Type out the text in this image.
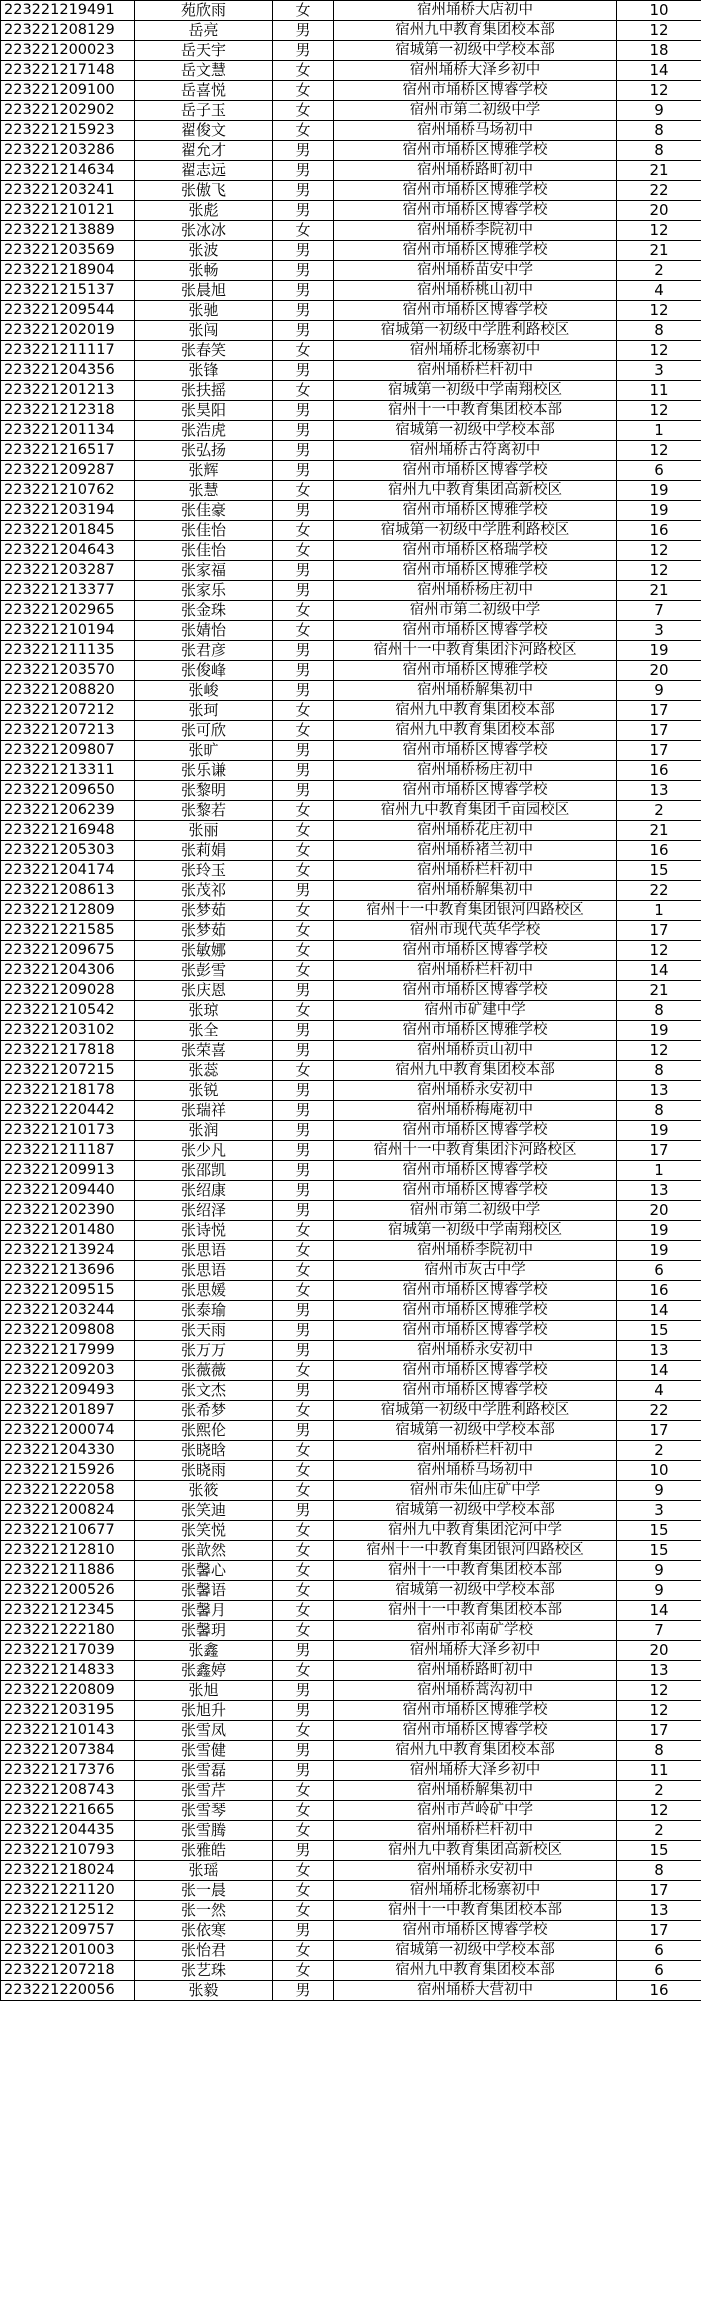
223221219491	苑欣雨	女	宿州埇桥大店初中	10
223221208129	岳亮	男	宿州九中教育集团校本部	12
223221200023	岳天宇	男	宿城第一初级中学校本部	18
223221217148	岳文慧	女	宿州埇桥大泽乡初中	14
223221209100	岳喜悦	女	宿州市埇桥区博睿学校	12
223221202902	岳子玉	女	宿州市第二初级中学	9
223221215923	翟俊文	女	宿州埇桥马场初中	8
223221203286	翟允才	男	宿州市埇桥区博雅学校	8
223221214634	翟志远	男	宿州埇桥路町初中	21
223221203241	张傲飞	男	宿州市埇桥区博雅学校	22
223221210121	张彪	男	宿州市埇桥区博睿学校	20
223221213889	张冰冰	女	宿州埇桥李院初中	12
223221203569	张波	男	宿州市埇桥区博雅学校	21
223221218904	张畅	男	宿州埇桥苗安中学	2
223221215137	张晨旭	男	宿州埇桥桃山初中	4
223221209544	张驰	男	宿州市埇桥区博睿学校	12
223221202019	张闯	男	宿城第一初级中学胜利路校区	8
223221211117	张春笑	女	宿州埇桥北杨寨初中	12
223221204356	张锋	男	宿州埇桥栏杆初中	3
223221201213	张扶摇	女	宿城第一初级中学南翔校区	11
223221212318	张昊阳	男	宿州十一中教育集团校本部	12
223221201134	张浩虎	男	宿城第一初级中学校本部	1
223221216517	张弘扬	男	宿州埇桥古符离初中	12
223221209287	张辉	男	宿州市埇桥区博睿学校	6
223221210762	张慧	女	宿州九中教育集团高新校区	19
223221203194	张佳豪	男	宿州市埇桥区博雅学校	19
223221201845	张佳怡	女	宿城第一初级中学胜利路校区	16
223221204643	张佳怡	女	宿州市埇桥区格瑞学校	12
223221203287	张家福	男	宿州市埇桥区博雅学校	12
223221213377	张家乐	男	宿州埇桥杨庄初中	21
223221202965	张金珠	女	宿州市第二初级中学	7
223221210194	张婧怡	女	宿州市埇桥区博睿学校	3
223221211135	张君彦	男	宿州十一中教育集团汴河路校区	19
223221203570	张俊峰	男	宿州市埇桥区博雅学校	20
223221208820	张峻	男	宿州埇桥解集初中	9
223221207212	张珂	女	宿州九中教育集团校本部	17
223221207213	张可欣	女	宿州九中教育集团校本部	17
223221209807	张旷	男	宿州市埇桥区博睿学校	17
223221213311	张乐谦	男	宿州埇桥杨庄初中	16
223221209650	张黎明	男	宿州市埇桥区博睿学校	13
223221206239	张黎若	女	宿州九中教育集团千亩园校区	2
223221216948	张丽	女	宿州埇桥花庄初中	21
223221205303	张莉娟	女	宿州埇桥褚兰初中	16
223221204174	张玲玉	女	宿州埇桥栏杆初中	15
223221208613	张茂祁	男	宿州埇桥解集初中	22
223221212809	张梦茹	女	宿州十一中教育集团银河四路校区	1
223221221585	张梦茹	女	宿州市现代英华学校	17
223221209675	张敏娜	女	宿州市埇桥区博睿学校	12
223221204306	张彭雪	女	宿州埇桥栏杆初中	14
223221209028	张庆恩	男	宿州市埇桥区博睿学校	21
223221210542	张琼	女	宿州市矿建中学	8
223221203102	张全	男	宿州市埇桥区博雅学校	19
223221217818	张荣喜	男	宿州埇桥贡山初中	12
223221207215	张蕊	女	宿州九中教育集团校本部	8
223221218178	张锐	男	宿州埇桥永安初中	13
223221220442	张瑞祥	男	宿州埇桥梅庵初中	8
223221210173	张润	男	宿州市埇桥区博睿学校	19
223221211187	张少凡	男	宿州十一中教育集团汴河路校区	17
223221209913	张邵凯	男	宿州市埇桥区博睿学校	1
223221209440	张绍康	男	宿州市埇桥区博睿学校	13
223221202390	张绍泽	男	宿州市第二初级中学	20
223221201480	张诗悦	女	宿城第一初级中学南翔校区	19
223221213924	张思语	女	宿州埇桥李院初中	19
223221213696	张思语	女	宿州市灰古中学	6
223221209515	张思媛	女	宿州市埇桥区博睿学校	16
223221203244	张泰瑜	男	宿州市埇桥区博雅学校	14
223221209808	张天雨	男	宿州市埇桥区博睿学校	15
223221217999	张万万	男	宿州埇桥永安初中	13
223221209203	张薇薇	女	宿州市埇桥区博睿学校	14
223221209493	张文杰	男	宿州市埇桥区博睿学校	4
223221201897	张希梦	女	宿城第一初级中学胜利路校区	22
223221200074	张熙伦	男	宿城第一初级中学校本部	17
223221204330	张晓晗	女	宿州埇桥栏杆初中	2
223221215926	张晓雨	女	宿州埇桥马场初中	10
223221222058	张筱	女	宿州市朱仙庄矿中学	9
223221200824	张笑迪	男	宿城第一初级中学校本部	3
223221210677	张笑悦	女	宿州九中教育集团沱河中学	15
223221212810	张歆然	女	宿州十一中教育集团银河四路校区	15
223221211886	张馨心	女	宿州十一中教育集团校本部	9
223221200526	张馨语	女	宿城第一初级中学校本部	9
223221212345	张馨月	女	宿州十一中教育集团校本部	14
223221222180	张馨玥	女	宿州市祁南矿学校	7
223221217039	张鑫	男	宿州埇桥大泽乡初中	20
223221214833	张鑫婷	女	宿州埇桥路町初中	13
223221220809	张旭	男	宿州埇桥蒿沟初中	12
223221203195	张旭升	男	宿州市埇桥区博雅学校	12
223221210143	张雪凤	女	宿州市埇桥区博睿学校	17
223221207384	张雪健	男	宿州九中教育集团校本部	8
223221217376	张雪磊	男	宿州埇桥大泽乡初中	11
223221208743	张雪芹	女	宿州埇桥解集初中	2
223221221665	张雪琴	女	宿州市芦岭矿中学	12
223221204435	张雪腾	女	宿州埇桥栏杆初中	2
223221210793	张雅皓	男	宿州九中教育集团高新校区	15
223221218024	张瑶	女	宿州埇桥永安初中	8
223221221120	张一晨	女	宿州埇桥北杨寨初中	17
223221212512	张一然	女	宿州十一中教育集团校本部	13
223221209757	张依寒	男	宿州市埇桥区博睿学校	17
223221201003	张怡君	女	宿城第一初级中学校本部	6
223221207218	张艺珠	女	宿州九中教育集团校本部	6
223221220056	张毅	男	宿州埇桥大营初中	16
